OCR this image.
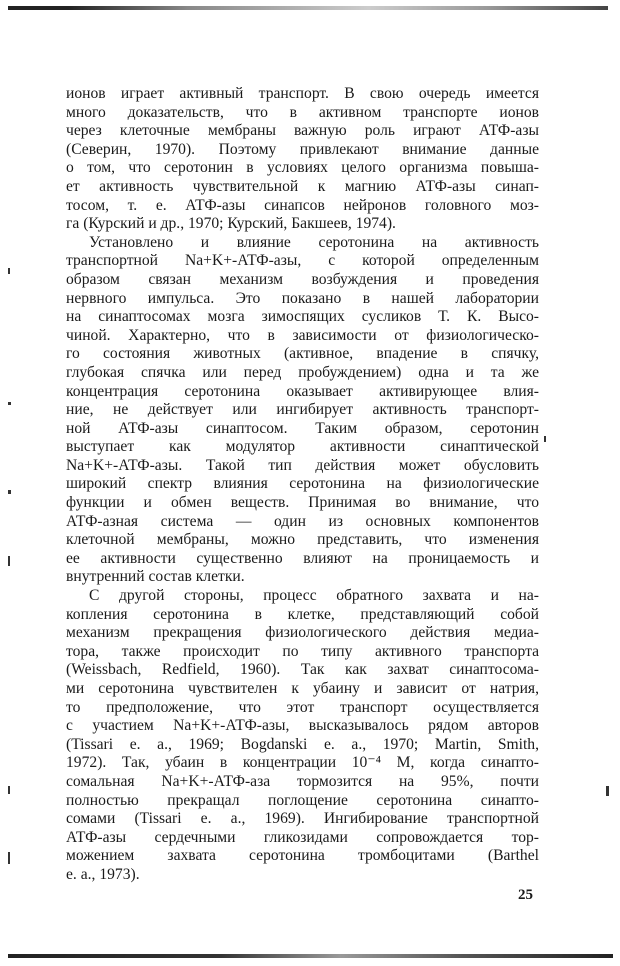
ионов играет активный транспорт. В свою очередь имеется
много доказательств, что в активном транспорте ионов
через клеточные мембраны важную роль играют АТФ-азы
(Северин, 1970). Поэтому привлекают внимание данные
о том, что серотонин в условиях целого организма повыша-
ет активность чувствительной к магнию АТФ-азы синап-
тосом, т. е. АТФ-азы синапсов нейронов головного моз-
га (Курский и др., 1970; Курский, Бакшеев, 1974).
Установлено и влияние серотонина на активность
транспортной Na+K+-АТФ-азы, с которой определенным
образом связан механизм возбуждения и проведения
нервного импульса. Это показано в нашей лаборатории
на синаптосомах мозга зимоспящих сусликов Т. К. Высо-
чиной. Характерно, что в зависимости от физиологическо-
го состояния животных (активное, впадение в спячку,
глубокая спячка или перед пробуждением) одна и та же
концентрация серотонина оказывает активирующее влия-
ние, не действует или ингибирует активность транспорт-
ной АТФ-азы синаптосом. Таким образом, серотонин
выступает как модулятор активности синаптической
Na+K+-АТФ-азы. Такой тип действия может обусловить
широкий спектр влияния серотонина на физиологические
функции и обмен веществ. Принимая во внимание, что
АТФ-азная система — один из основных компонентов
клеточной мембраны, можно представить, что изменения
ее активности существенно влияют на проницаемость и
внутренний состав клетки.
С другой стороны, процесс обратного захвата и на-
копления серотонина в клетке, представляющий собой
механизм прекращения физиологического действия медиа-
тора, также происходит по типу активного транспорта
(Weissbach, Redfield, 1960). Так как захват синаптосома-
ми серотонина чувствителен к убаину и зависит от натрия,
то предположение, что этот транспорт осуществляется
с участием Na+K+-АТФ-азы, высказывалось рядом авторов
(Tissari e. a., 1969; Bogdanski e. a., 1970; Martin, Smith,
1972). Так, убаин в концентрации 10⁻⁴ М, когда синапто-
сомальная Na+K+-АТФ-аза тормозится на 95%, почти
полностью прекращал поглощение серотонина синапто-
сомами (Tissari e. a., 1969). Ингибирование транспортной
АТФ-азы сердечными гликозидами сопровождается тор-
можением захвата серотонина тромбоцитами (Barthel
e. a., 1973).
25
